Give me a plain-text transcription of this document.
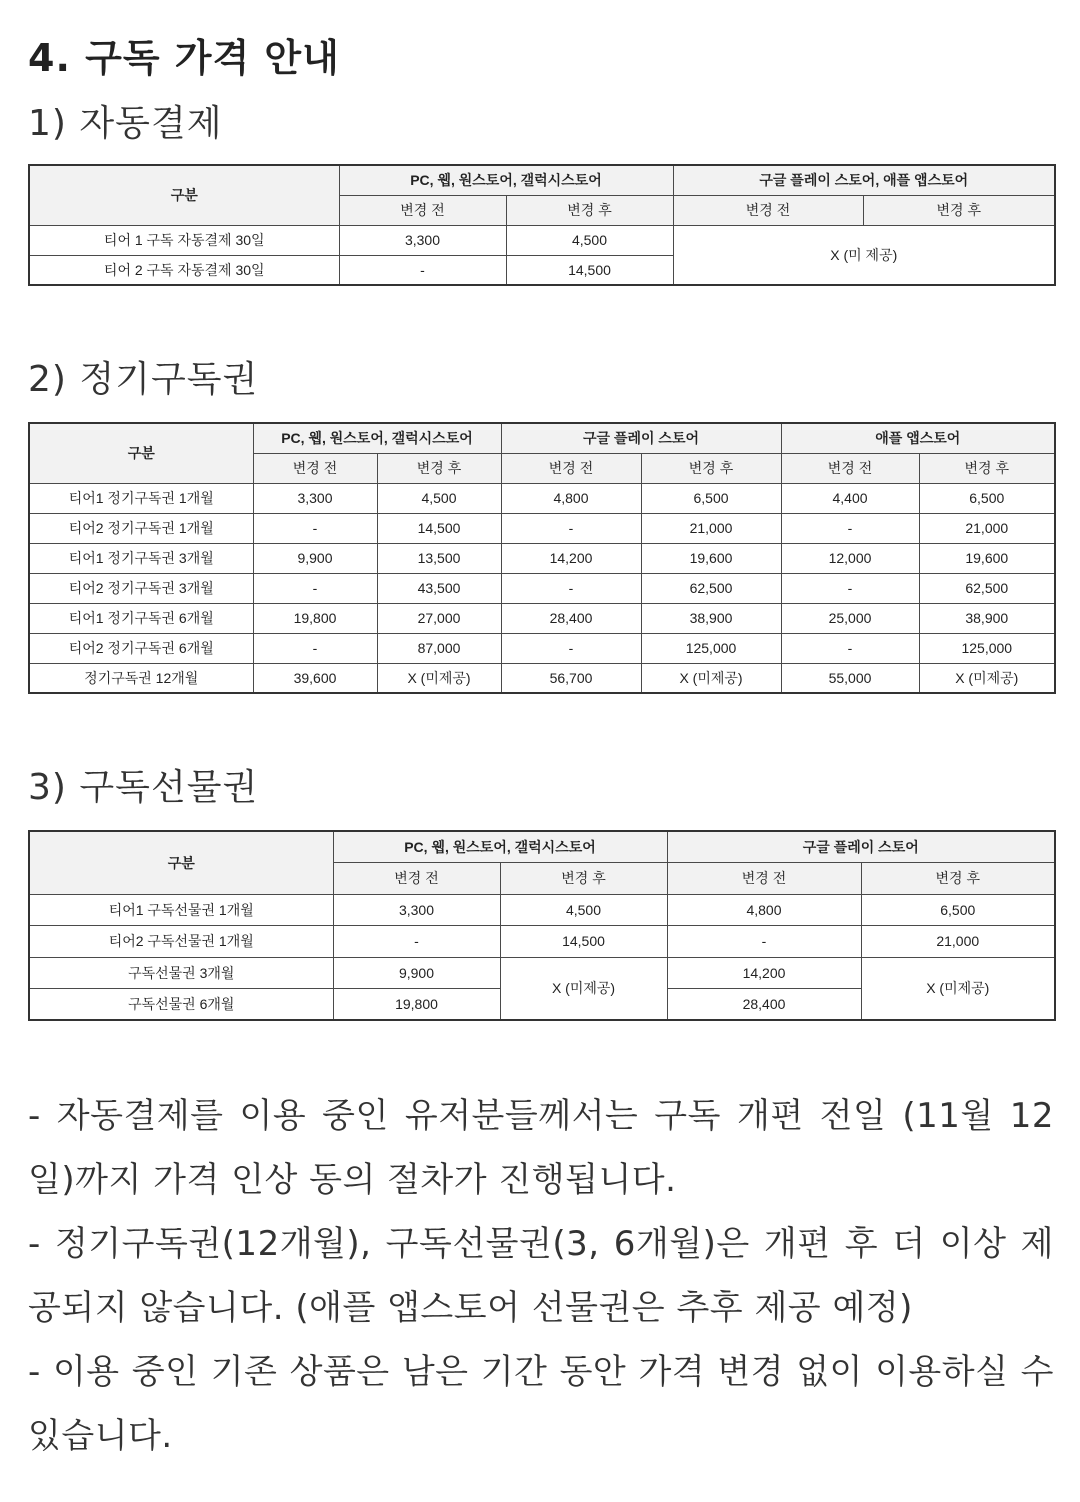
4. 구독 가격 안내
1) 자동결제
구분	PC, 웹, 원스토어, 갤럭시스토어		구글 플레이 스토어, 애플 앱스토어	
	변경 전	변경 후	변경 전	변경 후
티어 1 구독 자동결제 30일	3,300	4,500	X (미 제공)	
티어 2 구독 자동결제 30일	-	14,500		
2) 정기구독권
구분	PC, 웹, 원스토어, 갤럭시스토어		구글 플레이 스토어		애플 앱스토어	
	변경 전	변경 후	변경 전	변경 후	변경 전	변경 후
티어1 정기구독권 1개월	3,300	4,500	4,800	6,500	4,400	6,500
티어2 정기구독권 1개월	-	14,500	-	21,000	-	21,000
티어1 정기구독권 3개월	9,900	13,500	14,200	19,600	12,000	19,600
티어2 정기구독권 3개월	-	43,500	-	62,500	-	62,500
티어1 정기구독권 6개월	19,800	27,000	28,400	38,900	25,000	38,900
티어2 정기구독권 6개월	-	87,000	-	125,000	-	125,000
정기구독권 12개월	39,600	X (미제공)	56,700	X (미제공)	55,000	X (미제공)
3) 구독선물권
구분	PC, 웹, 원스토어, 갤럭시스토어		구글 플레이 스토어	
	변경 전	변경 후	변경 전	변경 후
티어1 구독선물권 1개월	3,300	4,500	4,800	6,500
티어2 구독선물권 1개월	-	14,500	-	21,000
구독선물권 3개월	9,900	X (미제공)	14,200	X (미제공)
구독선물권 6개월	19,800		28,400	

- 자동결제를 이용 중인 유저분들께서는 구독 개편 전일 (11월 12일)까지 가격 인상 동의 절차가 진행됩니다.

- 정기구독권(12개월), 구독선물권(3, 6개월)은 개편 후 더 이상 제공되지 않습니다. (애플 앱스토어 선물권은 추후 제공 예정)

- 이용 중인 기존 상품은 남은 기간 동안 가격 변경 없이 이용하실 수 있습니다.
